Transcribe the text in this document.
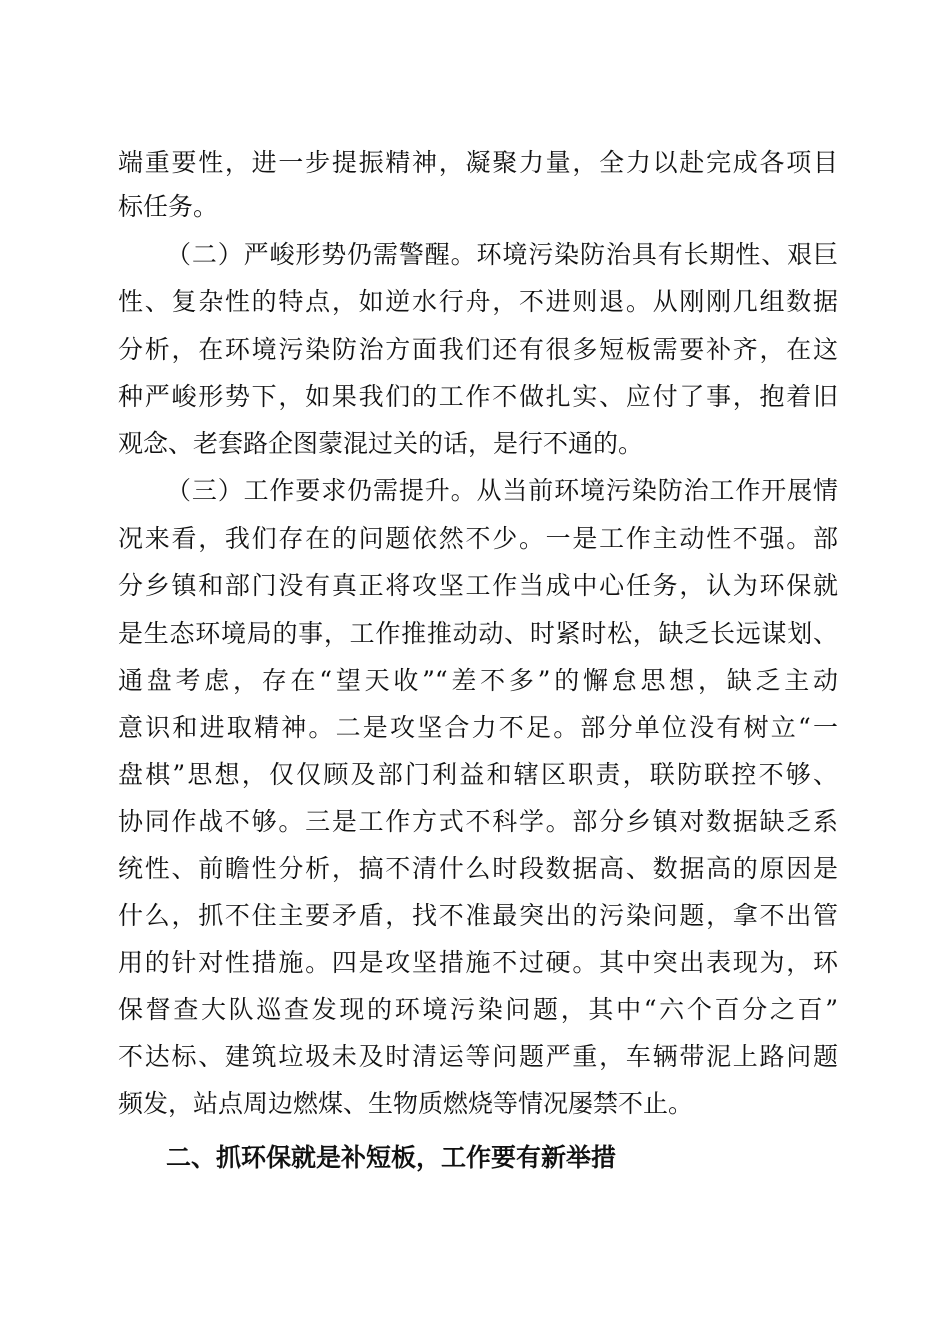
端重要性，进一步提振精神，凝聚力量，全力以赴完成各项目
标任务。
（二）严峻形势仍需警醒。环境污染防治具有长期性、艰巨
性、复杂性的特点，如逆水行舟，不进则退。从刚刚几组数据
分析，在环境污染防治方面我们还有很多短板需要补齐，在这
种严峻形势下，如果我们的工作不做扎实、应付了事，抱着旧
观念、老套路企图蒙混过关的话，是行不通的。
（三）工作要求仍需提升。从当前环境污染防治工作开展情
况来看，我们存在的问题依然不少。一是工作主动性不强。部
分乡镇和部门没有真正将攻坚工作当成中心任务，认为环保就
是生态环境局的事，工作推推动动、时紧时松，缺乏长远谋划、
通盘考虑，存在“望天收”“差不多”的懈怠思想，缺乏主动
意识和进取精神。二是攻坚合力不足。部分单位没有树立“一
盘棋”思想，仅仅顾及部门利益和辖区职责，联防联控不够、
协同作战不够。三是工作方式不科学。部分乡镇对数据缺乏系
统性、前瞻性分析，搞不清什么时段数据高、数据高的原因是
什么，抓不住主要矛盾，找不准最突出的污染问题，拿不出管
用的针对性措施。四是攻坚措施不过硬。其中突出表现为，环
保督查大队巡查发现的环境污染问题，其中“六个百分之百”
不达标、建筑垃圾未及时清运等问题严重，车辆带泥上路问题
频发，站点周边燃煤、生物质燃烧等情况屡禁不止。
二、抓环保就是补短板，工作要有新举措
